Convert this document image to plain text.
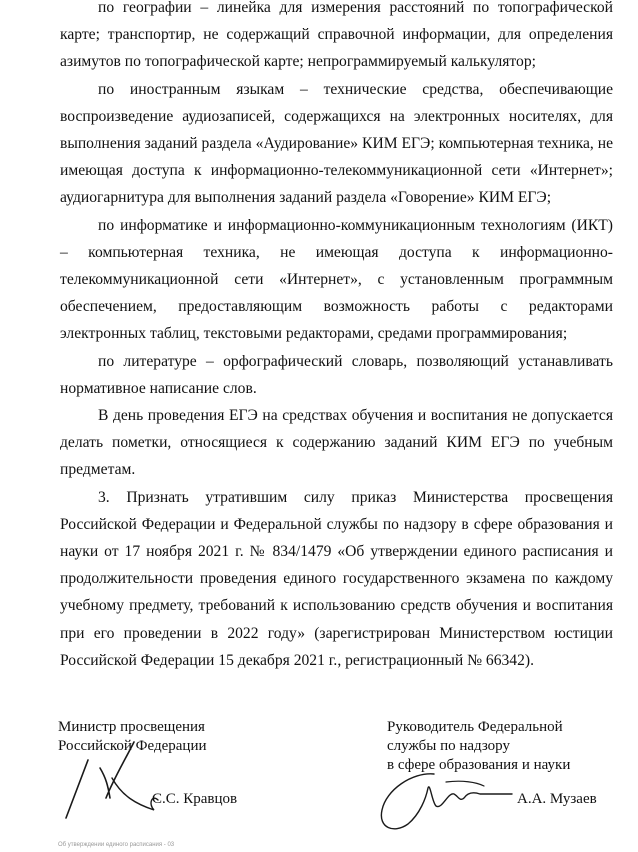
по географии – линейка для измерения расстояний по топографической карте; транспортир, не содержащий справочной информации, для определения азимутов по топографической карте; непрограммируемый калькулятор;

по иностранным языкам – технические средства, обеспечивающие воспроизведение аудиозаписей, содержащихся на электронных носителях, для выполнения заданий раздела «Аудирование» КИМ ЕГЭ; компьютерная техника, не имеющая доступа к информационно-телекоммуникационной сети «Интернет»; аудиогарнитура для выполнения заданий раздела «Говорение» КИМ ЕГЭ;

по информатике и информационно-коммуникационным технологиям (ИКТ) – компьютерная техника, не имеющая доступа к информационно-телекоммуникационной сети «Интернет», с установленным программным обеспечением, предоставляющим возможность работы с редакторами электронных таблиц, текстовыми редакторами, средами программирования;

по литературе – орфографический словарь, позволяющий устанавливать нормативное написание слов.

В день проведения ЕГЭ на средствах обучения и воспитания не допускается делать пометки, относящиеся к содержанию заданий КИМ ЕГЭ по учебным предметам.

3. Признать утратившим силу приказ Министерства просвещения Российской Федерации и Федеральной службы по надзору в сфере образования и науки от 17 ноября 2021 г. № 834/1479 «Об утверждении единого расписания и продолжительности проведения единого государственного экзамена по каждому учебному предмету, требований к использованию средств обучения и воспитания при его проведении в 2022 году» (зарегистрирован Министерством юстиции Российской Федерации 15 декабря 2021 г., регистрационный № 66342).

Министр просвещения
Российской Федерации
С.С. Кравцов
Руководитель Федеральной
службы по надзору
в сфере образования и науки
А.А. Музаев
Об утверждении единого расписания - 03
